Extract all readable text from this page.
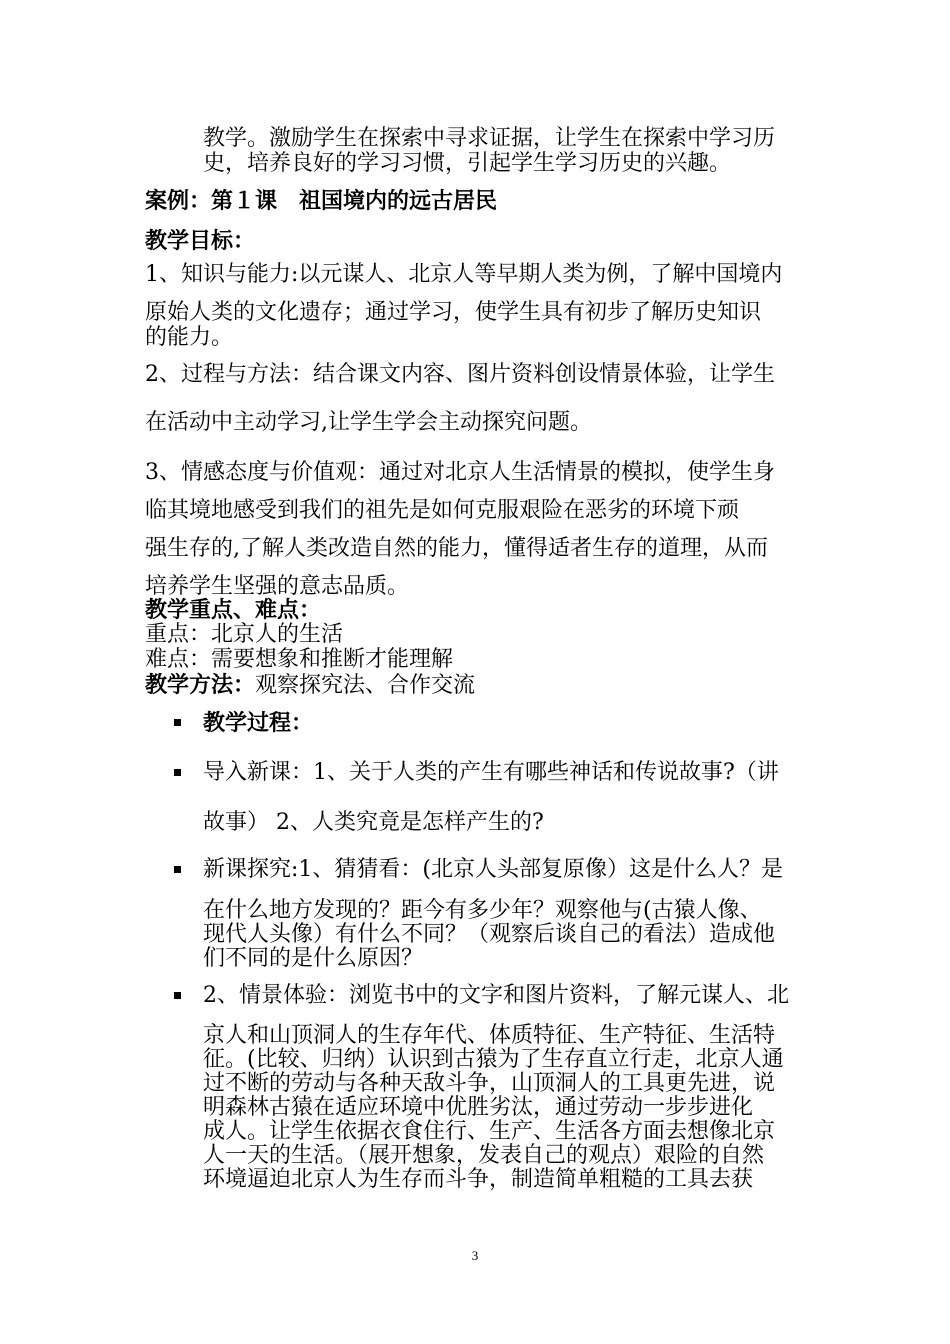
教学。激励学生在探索中寻求证据，让学生在探索中学习历
史，培养良好的学习习惯，引起学生学习历史的兴趣。
案例：第１课　祖国境内的远古居民
教学目标：
1、知识与能力:以元谋人、北京人等早期人类为例，了解中国境内
原始人类的文化遗存；通过学习，使学生具有初步了解历史知识
的能力。
2、过程与方法：结合课文内容、图片资料创设情景体验，让学生
在活动中主动学习,让学生学会主动探究问题。
3、情感态度与价值观：通过对北京人生活情景的模拟，使学生身
临其境地感受到我们的祖先是如何克服艰险在恶劣的环境下顽
强生存的,了解人类改造自然的能力，懂得适者生存的道理，从而
培养学生坚强的意志品质。
教学重点、难点：
重点：北京人的生活
难点：需要想象和推断才能理解
教学方法：观察探究法、合作交流
教学过程：
导入新课：1、关于人类的产生有哪些神话和传说故事?（讲
故事） 2、人类究竟是怎样产生的?
新课探究:1、猜猜看：(北京人头部复原像）这是什么人？是
在什么地方发现的？距今有多少年？观察他与(古猿人像、
现代人头像）有什么不同？（观察后谈自己的看法）造成他
们不同的是什么原因？
2、情景体验：浏览书中的文字和图片资料，了解元谋人、北
京人和山顶洞人的生存年代、体质特征、生产特征、生活特
征。(比较、归纳）认识到古猿为了生存直立行走，北京人通
过不断的劳动与各种天敌斗争，山顶洞人的工具更先进，说
明森林古猿在适应环境中优胜劣汰，通过劳动一步步进化
成人。让学生依据衣食住行、生产、生活各方面去想像北京
人一天的生活。（展开想象，发表自己的观点）艰险的自然
环境逼迫北京人为生存而斗争，制造简单粗糙的工具去获
3
